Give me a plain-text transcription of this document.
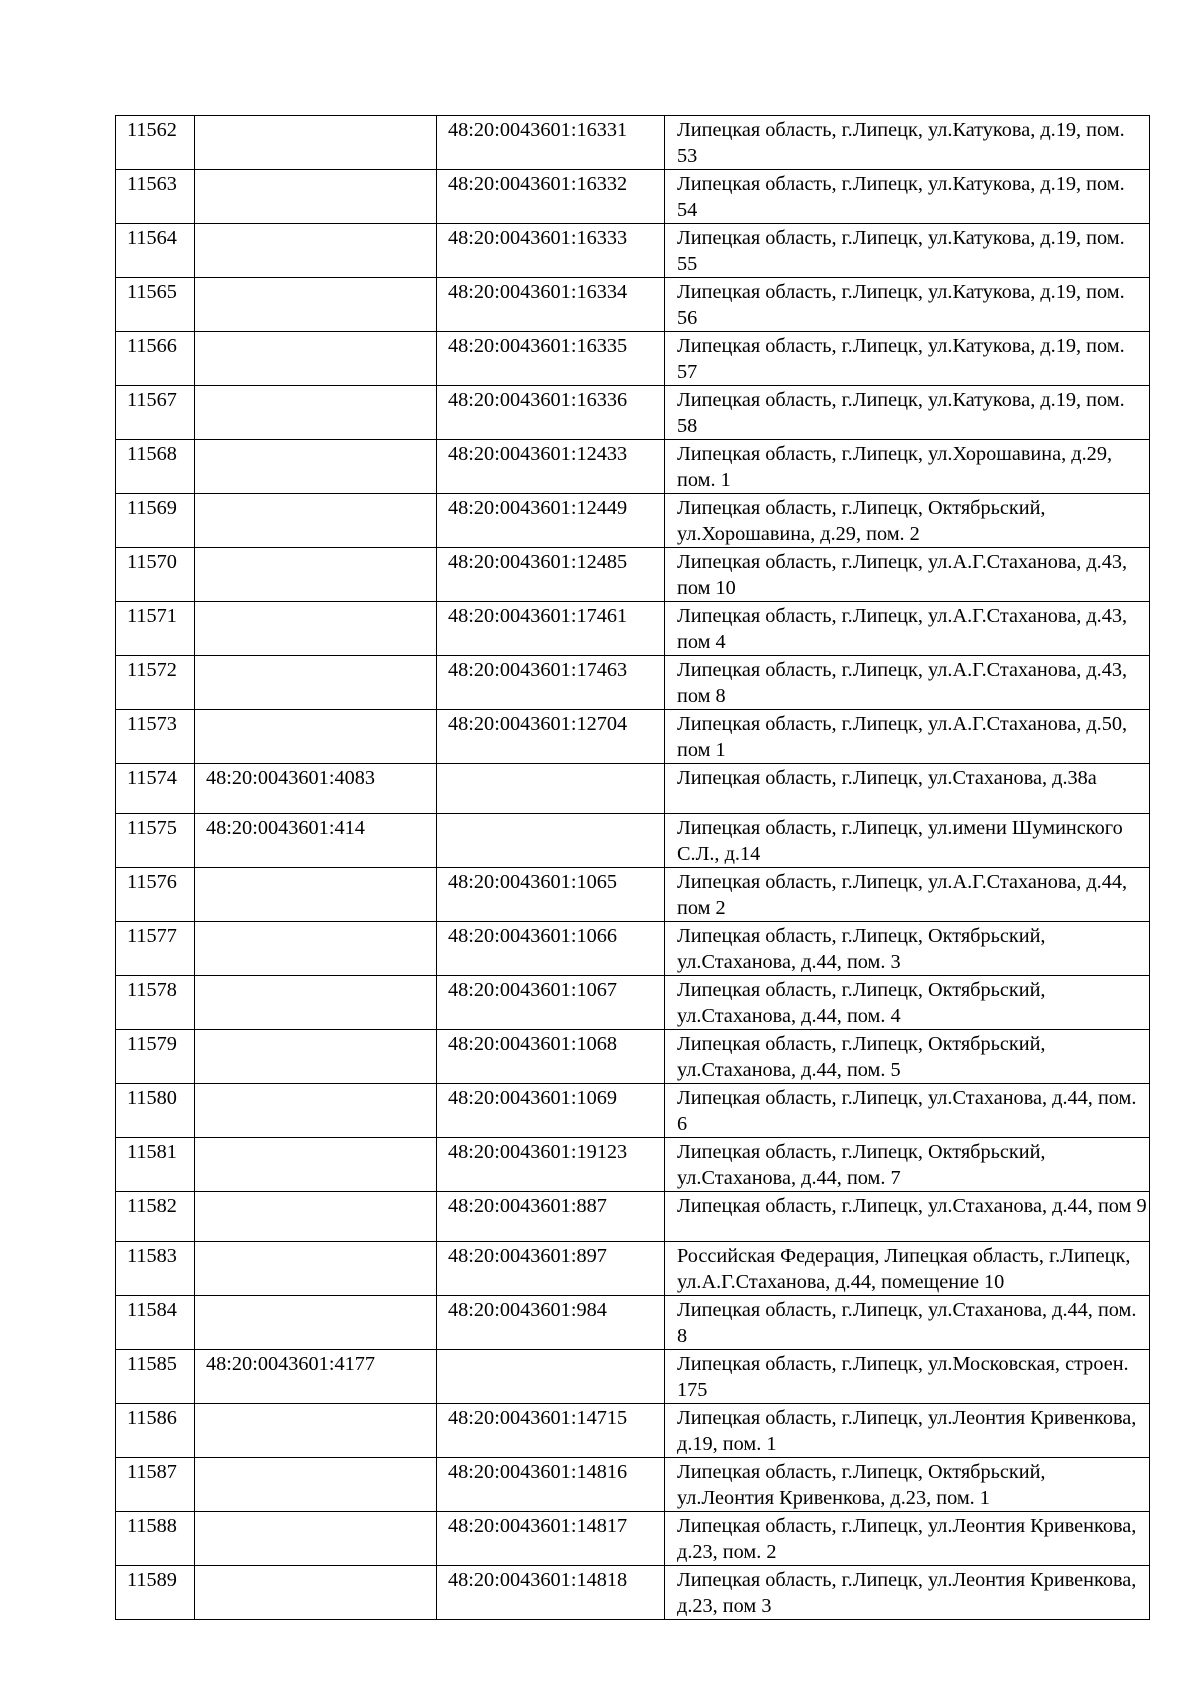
11562		48:20:0043601:16331	Липецкая область, г.Липецк, ул.Катукова, д.19, пом. 53
11563		48:20:0043601:16332	Липецкая область, г.Липецк, ул.Катукова, д.19, пом. 54
11564		48:20:0043601:16333	Липецкая область, г.Липецк, ул.Катукова, д.19, пом. 55
11565		48:20:0043601:16334	Липецкая область, г.Липецк, ул.Катукова, д.19, пом. 56
11566		48:20:0043601:16335	Липецкая область, г.Липецк, ул.Катукова, д.19, пом. 57
11567		48:20:0043601:16336	Липецкая область, г.Липецк, ул.Катукова, д.19, пом. 58
11568		48:20:0043601:12433	Липецкая область, г.Липецк, ул.Хорошавина, д.29, пом. 1
11569		48:20:0043601:12449	Липецкая область, г.Липецк, Октябрьский, ул.Хорошавина, д.29, пом. 2
11570		48:20:0043601:12485	Липецкая область, г.Липецк, ул.А.Г.Стаханова, д.43, пом 10
11571		48:20:0043601:17461	Липецкая область, г.Липецк, ул.А.Г.Стаханова, д.43, пом 4
11572		48:20:0043601:17463	Липецкая область, г.Липецк, ул.А.Г.Стаханова, д.43, пом 8
11573		48:20:0043601:12704	Липецкая область, г.Липецк, ул.А.Г.Стаханова, д.50, пом 1
11574	48:20:0043601:4083		Липецкая область, г.Липецк, ул.Стаханова, д.38а
11575	48:20:0043601:414		Липецкая область, г.Липецк, ул.имени Шуминского С.Л., д.14
11576		48:20:0043601:1065	Липецкая область, г.Липецк, ул.А.Г.Стаханова, д.44, пом 2
11577		48:20:0043601:1066	Липецкая область, г.Липецк, Октябрьский, ул.Стаханова, д.44, пом. 3
11578		48:20:0043601:1067	Липецкая область, г.Липецк, Октябрьский, ул.Стаханова, д.44, пом. 4
11579		48:20:0043601:1068	Липецкая область, г.Липецк, Октябрьский, ул.Стаханова, д.44, пом. 5
11580		48:20:0043601:1069	Липецкая область, г.Липецк, ул.Стаханова, д.44, пом. 6
11581		48:20:0043601:19123	Липецкая область, г.Липецк, Октябрьский, ул.Стаханова, д.44, пом. 7
11582		48:20:0043601:887	Липецкая область, г.Липецк, ул.Стаханова, д.44, пом 9
11583		48:20:0043601:897	Российская Федерация, Липецкая область, г.Липецк, ул.А.Г.Стаханова, д.44, помещение 10
11584		48:20:0043601:984	Липецкая область, г.Липецк, ул.Стаханова, д.44, пом. 8
11585	48:20:0043601:4177		Липецкая область, г.Липецк, ул.Московская, строен. 175
11586		48:20:0043601:14715	Липецкая область, г.Липецк, ул.Леонтия Кривенкова, д.19, пом. 1
11587		48:20:0043601:14816	Липецкая область, г.Липецк, Октябрьский, ул.Леонтия Кривенкова, д.23, пом. 1
11588		48:20:0043601:14817	Липецкая область, г.Липецк, ул.Леонтия Кривенкова, д.23, пом. 2
11589		48:20:0043601:14818	Липецкая область, г.Липецк, ул.Леонтия Кривенкова, д.23, пом 3
